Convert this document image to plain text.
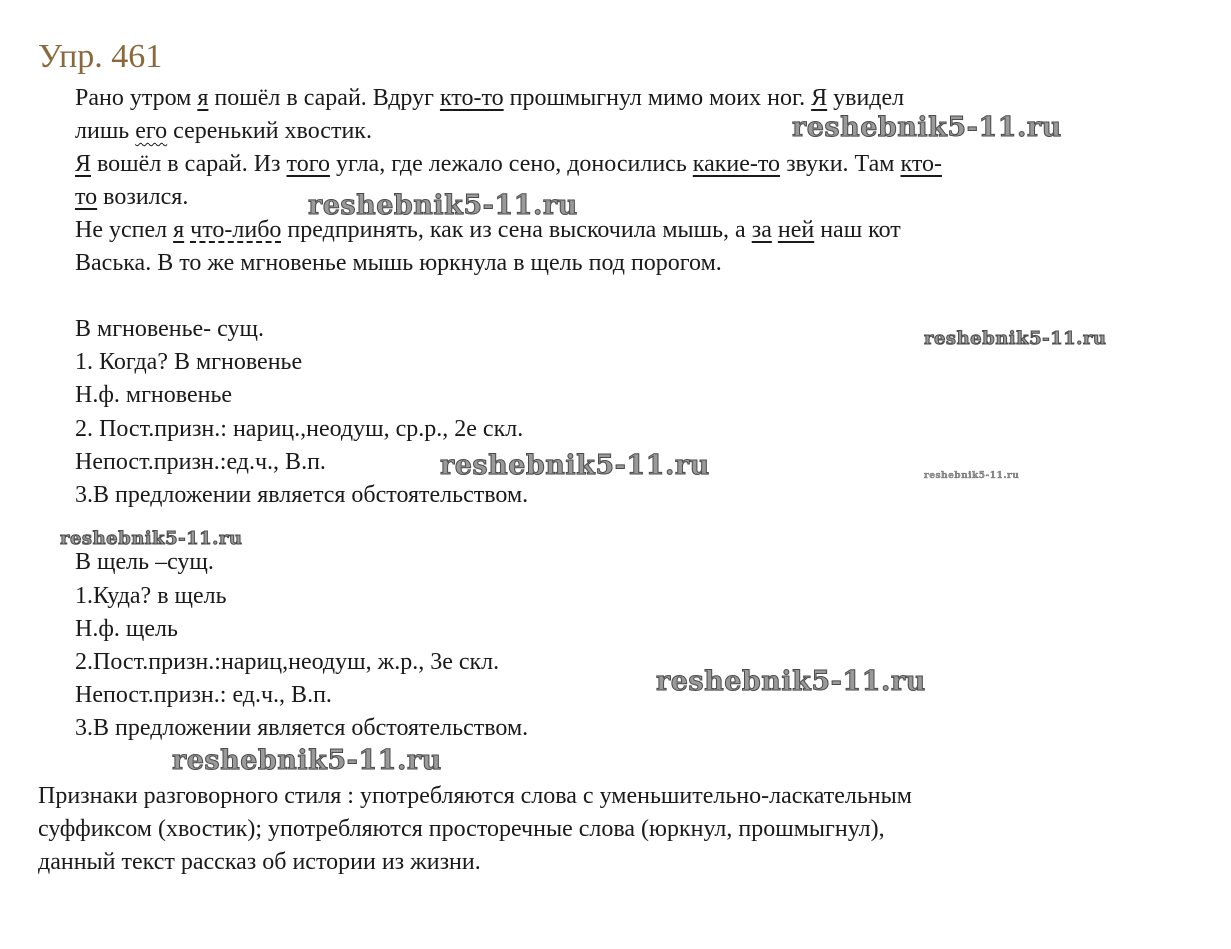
Упр. 461
Рано утром я пошёл в сарай. Вдруг кто-то прошмыгнул мимо моих ног. Я увидел
лишь его серенький хвостик.
Я вошёл в сарай. Из того угла, где лежало сено, доносились какие-то звуки. Там кто-
то возился.
Не успел я что-либо предпринять, как из сена выскочила мышь, а за ней наш кот
Васька. В то же мгновенье мышь юркнула в щель под порогом.
В мгновенье- сущ.
1. Когда? В мгновенье
Н.ф. мгновенье
2. Пост.призн.: нариц.,неодуш, ср.р., 2е скл.
Непост.призн.:ед.ч., В.п.
3.В предложении является обстоятельством.
В щель –сущ.
1.Куда? в щель
Н.ф. щель
2.Пост.призн.:нариц,неодуш, ж.р., 3е скл.
Непост.призн.: ед.ч., В.п.
3.В предложении является обстоятельством.
Признаки разговорного стиля : употребляются слова с уменьшительно-ласкательным
суффиксом (хвостик); употребляются просторечные слова (юркнул, прошмыгнул),
данный текст рассказ об истории из жизни.
reshebnik5-11.ru
reshebnik5-11.ru
reshebnik5-11.ru
reshebnik5-11.ru	reshebnik5-11.ru
reshebnik5-11.ru
reshebnik5-11.ru
reshebnik5-11.ru
